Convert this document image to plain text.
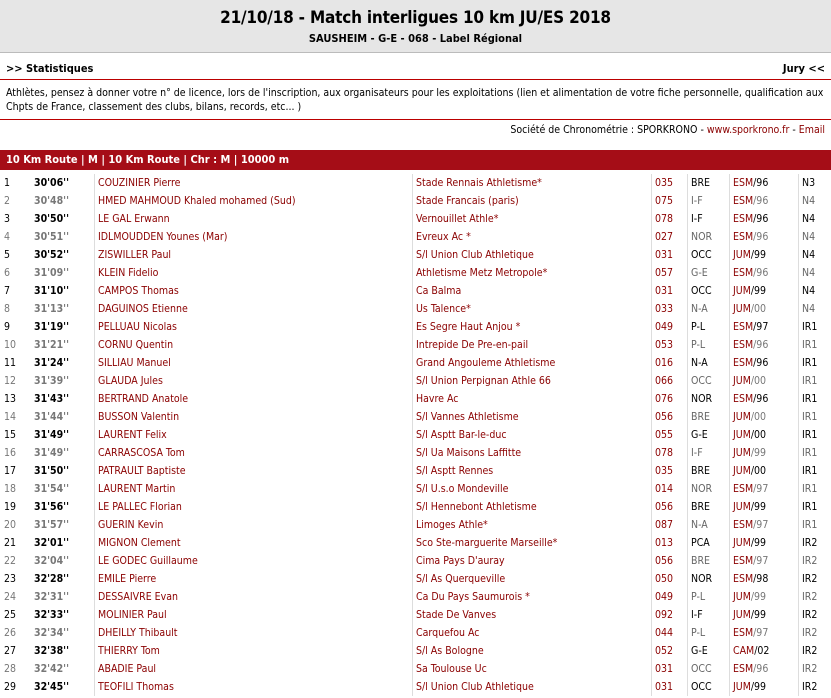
21/10/18 - Match interligues 10 km JU/ES 2018
SAUSHEIM - G-E - 068 - Label Régional
>> Statistiques	Jury <<
Athlètes, pensez à donner votre n° de licence, lors de l'inscription, aux organisateurs pour les exploitations (lien et alimentation de votre fiche personnelle, qualification aux Chpts de France, classement des clubs, bilans, records, etc... )
Société de Chronométrie : SPORKRONO - www.sporkrono.fr - Email
10 Km Route | M | 10 Km Route | Chr : M | 10000 m
1	30'06''	COUZINIER Pierre	Stade Rennais Athletisme*	035	BRE	ESM/96	N3
2	30'48''	HMED MAHMOUD Khaled mohamed (Sud)	Stade Francais (paris)	075	I-F	ESM/96	N4
3	30'50''	LE GAL Erwann	Vernouillet Athle*	078	I-F	ESM/96	N4
4	30'51''	IDLMOUDDEN Younes (Mar)	Evreux Ac *	027	NOR	ESM/96	N4
5	30'52''	ZISWILLER Paul	S/l Union Club Athletique	031	OCC	JUM/99	N4
6	31'09''	KLEIN Fidelio	Athletisme Metz Metropole*	057	G-E	ESM/96	N4
7	31'10''	CAMPOS Thomas	Ca Balma	031	OCC	JUM/99	N4
8	31'13''	DAGUINOS Etienne	Us Talence*	033	N-A	JUM/00	N4
9	31'19''	PELLUAU Nicolas	Es Segre Haut Anjou *	049	P-L	ESM/97	IR1
10	31'21''	CORNU Quentin	Intrepide De Pre-en-pail	053	P-L	ESM/96	IR1
11	31'24''	SILLIAU Manuel	Grand Angouleme Athletisme	016	N-A	ESM/96	IR1
12	31'39''	GLAUDA Jules	S/l Union Perpignan Athle 66	066	OCC	JUM/00	IR1
13	31'43''	BERTRAND Anatole	Havre Ac	076	NOR	ESM/96	IR1
14	31'44''	BUSSON Valentin	S/l Vannes Athletisme	056	BRE	JUM/00	IR1
15	31'49''	LAURENT Felix	S/l Asptt Bar-le-duc	055	G-E	JUM/00	IR1
16	31'49''	CARRASCOSA Tom	S/l Ua Maisons Laffitte	078	I-F	JUM/99	IR1
17	31'50''	PATRAULT Baptiste	S/l Asptt Rennes	035	BRE	JUM/00	IR1
18	31'54''	LAURENT Martin	S/l U.s.o Mondeville	014	NOR	ESM/97	IR1
19	31'56''	LE PALLEC Florian	S/l Hennebont Athletisme	056	BRE	JUM/99	IR1
20	31'57''	GUERIN Kevin	Limoges Athle*	087	N-A	ESM/97	IR1
21	32'01''	MIGNON Clement	Sco Ste-marguerite Marseille*	013	PCA	JUM/99	IR2
22	32'04''	LE GODEC Guillaume	Cima Pays D'auray	056	BRE	ESM/97	IR2
23	32'28''	EMILE Pierre	S/l As Querqueville	050	NOR	ESM/98	IR2
24	32'31''	DESSAIVRE Evan	Ca Du Pays Saumurois *	049	P-L	JUM/99	IR2
25	32'33''	MOLINIER Paul	Stade De Vanves	092	I-F	JUM/99	IR2
26	32'34''	DHEILLY Thibault	Carquefou Ac	044	P-L	ESM/97	IR2
27	32'38''	THIERRY Tom	S/l As Bologne	052	G-E	CAM/02	IR2
28	32'42''	ABADIE Paul	Sa Toulouse Uc	031	OCC	ESM/96	IR2
29	32'45''	TEOFILI Thomas	S/l Union Club Athletique	031	OCC	JUM/99	IR2
